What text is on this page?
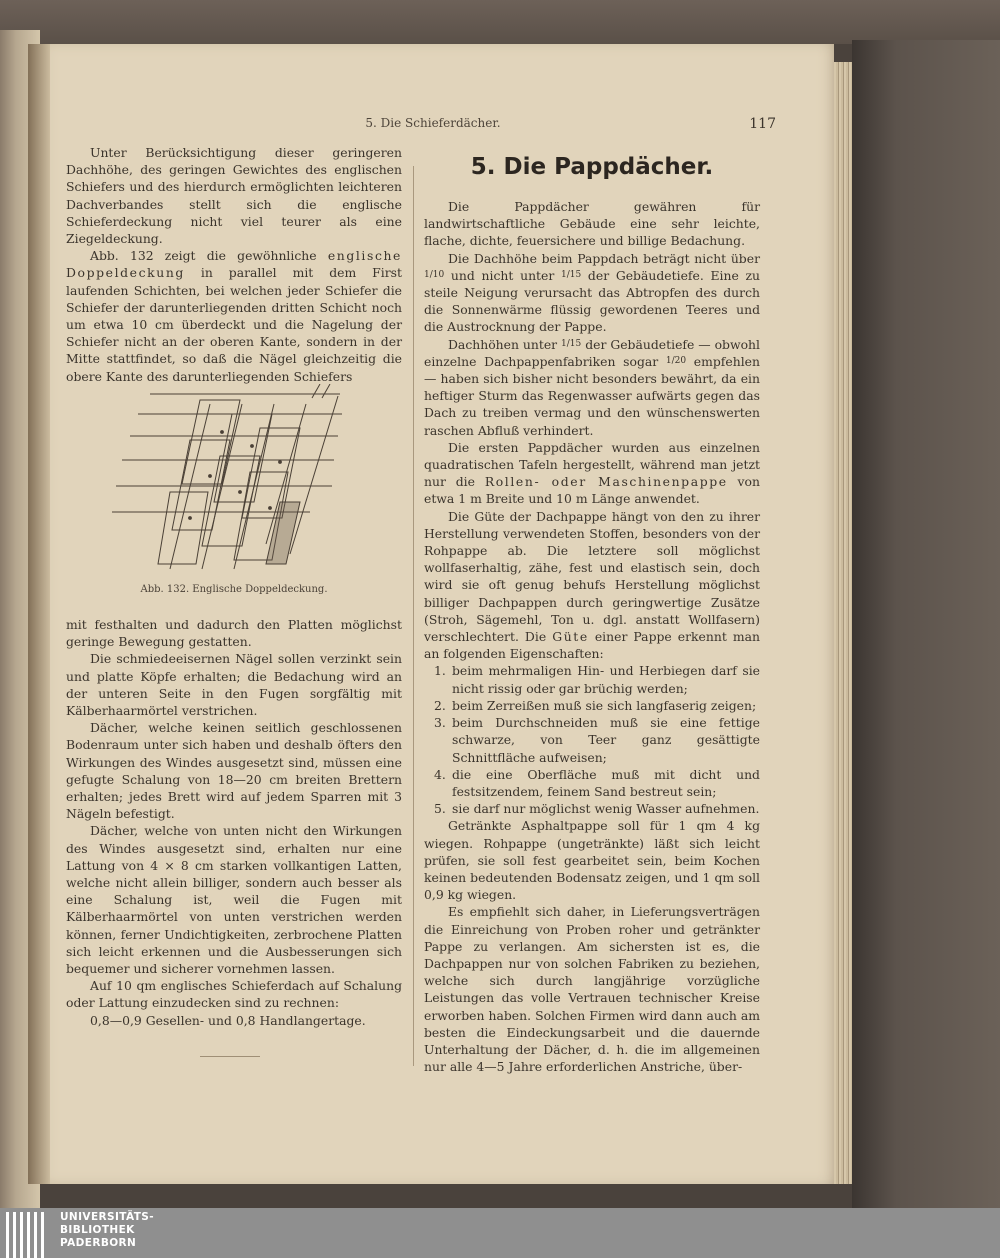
5. Die Schieferdächer.	117

Unter Berücksichtigung dieser geringeren Dachhöhe, des geringen Gewichtes des englischen Schiefers und des hierdurch ermöglichten leichteren Dachverbandes stellt sich die englische Schieferdeckung nicht viel teurer als eine Ziegeldeckung.

Abb. 132 zeigt die gewöhnliche englische Doppeldeckung in parallel mit dem First laufenden Schichten, bei welchen jeder Schiefer die Schiefer der darunterliegenden dritten Schicht noch um etwa 10 cm überdeckt und die Nagelung der Schiefer nicht an der oberen Kante, sondern in der Mitte stattfindet, so daß die Nägel gleichzeitig die obere Kante des darunterliegenden Schiefers

Abb. 132. Englische Doppeldeckung.

mit festhalten und dadurch den Platten möglichst geringe Bewegung gestatten.

Die schmiedeeisernen Nägel sollen verzinkt sein und platte Köpfe erhalten; die Bedachung wird an der unteren Seite in den Fugen sorgfältig mit Kälberhaarmörtel verstrichen.

Dächer, welche keinen seitlich geschlossenen Bodenraum unter sich haben und deshalb öfters den Wirkungen des Windes ausgesetzt sind, müssen eine gefugte Schalung von 18—20 cm breiten Brettern erhalten; jedes Brett wird auf jedem Sparren mit 3 Nägeln befestigt.

Dächer, welche von unten nicht den Wirkungen des Windes ausgesetzt sind, erhalten nur eine Lattung von 4 × 8 cm starken vollkantigen Latten, welche nicht allein billiger, sondern auch besser als eine Schalung ist, weil die Fugen mit Kälberhaarmörtel von unten verstrichen werden können, ferner Undichtigkeiten, zerbrochene Platten sich leicht erkennen und die Ausbesserungen sich bequemer und sicherer vornehmen lassen.

Auf 10 qm englisches Schieferdach auf Schalung oder Lattung einzudecken sind zu rechnen:

0,8—0,9 Gesellen- und 0,8 Handlangertage.

5. Die Pappdächer.

Die Pappdächer gewähren für landwirtschaftliche Gebäude eine sehr leichte, flache, dichte, feuersichere und billige Bedachung.

Die Dachhöhe beim Pappdach beträgt nicht über $^{1/10}$ und nicht unter $^{1/15}$ der Gebäudetiefe. Eine zu steile Neigung verursacht das Abtropfen des durch die Sonnenwärme flüssig gewordenen Teeres und die Austrocknung der Pappe.

Dachhöhen unter $^{1/15}$ der Gebäudetiefe — obwohl einzelne Dachpappenfabriken sogar $^{1/20}$ empfehlen — haben sich bisher nicht besonders bewährt, da ein heftiger Sturm das Regenwasser aufwärts gegen das Dach zu treiben vermag und den wünschenswerten raschen Abfluß verhindert.

Die ersten Pappdächer wurden aus einzelnen quadratischen Tafeln hergestellt, während man jetzt nur die Rollen- oder Maschinenpappe von etwa 1 m Breite und 10 m Länge anwendet.

Die Güte der Dachpappe hängt von den zu ihrer Herstellung verwendeten Stoffen, besonders von der Rohpappe ab. Die letztere soll möglichst wollfaserhaltig, zähe, fest und elastisch sein, doch wird sie oft genug behufs Herstellung möglichst billiger Dachpappen durch geringwertige Zusätze (Stroh, Sägemehl, Ton u. dgl. anstatt Wollfasern) verschlechtert. Die Güte einer Pappe erkennt man an folgenden Eigenschaften:

1. beim mehrmaligen Hin- und Herbiegen darf sie nicht rissig oder gar brüchig werden;
2. beim Zerreißen muß sie sich langfaserig zeigen;
3. beim Durchschneiden muß sie eine fettige schwarze, von Teer ganz gesättigte Schnittfläche aufweisen;
4. die eine Oberfläche muß mit dicht und festsitzendem, feinem Sand bestreut sein;
5. sie darf nur möglichst wenig Wasser aufnehmen.

Getränkte Asphaltpappe soll für 1 qm 4 kg wiegen. Rohpappe (ungetränkte) läßt sich leicht prüfen, sie soll fest gearbeitet sein, beim Kochen keinen bedeutenden Bodensatz zeigen, und 1 qm soll 0,9 kg wiegen.

Es empfiehlt sich daher, in Lieferungsverträgen die Einreichung von Proben roher und getränkter Pappe zu verlangen. Am sichersten ist es, die Dachpappen nur von solchen Fabriken zu beziehen, welche sich durch langjährige vorzügliche Leistungen das volle Vertrauen technischer Kreise erworben haben. Solchen Firmen wird dann auch am besten die Eindeckungsarbeit und die dauernde Unterhaltung der Dächer, d. h. die im allgemeinen nur alle 4—5 Jahre erforderlichen Anstriche, über-

UNIVERSITÄTS-
BIBLIOTHEK
PADERBORN
